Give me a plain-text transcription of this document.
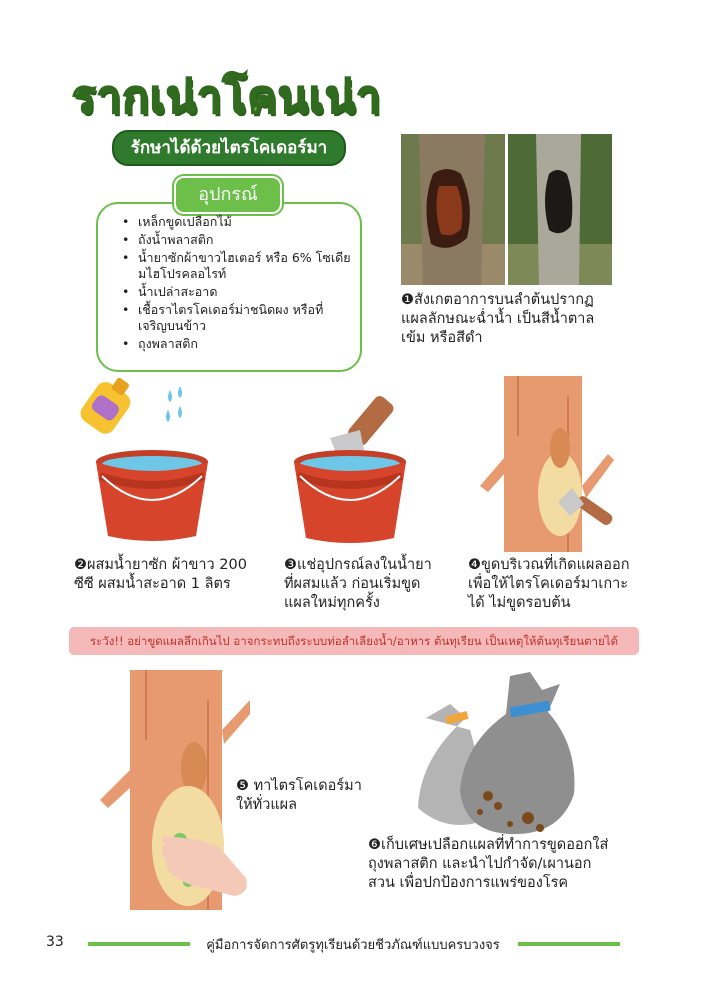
รากเน่าโคนเน่า
รักษาได้ด้วยไตรโคเดอร์มา
อุปกรณ์
• เหล็กขูดเปลือกไม้
• ถังน้ำพลาสติก
• น้ำยาซักผ้าขาวไฮเตอร์ หรือ 6% โซเดียมไฮโปรคลอไรท์
• น้ำเปล่าสะอาด
• เชื้อราไตรโคเดอร์ม่าชนิดผง หรือที่เจริญบนข้าว
• ถุงพลาสติก
❶สังเกตอาการบนลำต้นปรากฏแผลลักษณะฉ่ำน้ำ เป็นสีน้ำตาลเข้ม หรือสีดำ
❷ผสมน้ำยาซัก ผ้าขาว 200 ซีซี ผสมน้ำสะอาด 1 ลิตร
❸แช่อุปกรณ์ลงในน้ำยาที่ผสมแล้ว ก่อนเริ่มขูดแผลใหม่ทุกครั้ง
❹ขูดบริเวณที่เกิดแผลออกเพื่อให้ไตรโคเดอร์มาเกาะได้ ไม่ขูดรอบต้น
ระวัง!! อย่าขูดแผลลึกเกินไป อาจกระทบถึงระบบท่อลำเลียงน้ำ/อาหาร ต้นทุเรียน เป็นเหตุให้ต้นทุเรียนตายได้
❺ ทาไตรโคเดอร์มาให้ทั่วแผล
❻เก็บเศษเปลือกแผลที่ทำการขูดออกใส่ถุงพลาสติก และนำไปกำจัด/เผานอกสวน เพื่อปกป้องการแพร่ของโรค
33	คู่มือการจัดการศัตรูทุเรียนด้วยชีวภัณฑ์แบบครบวงจร
